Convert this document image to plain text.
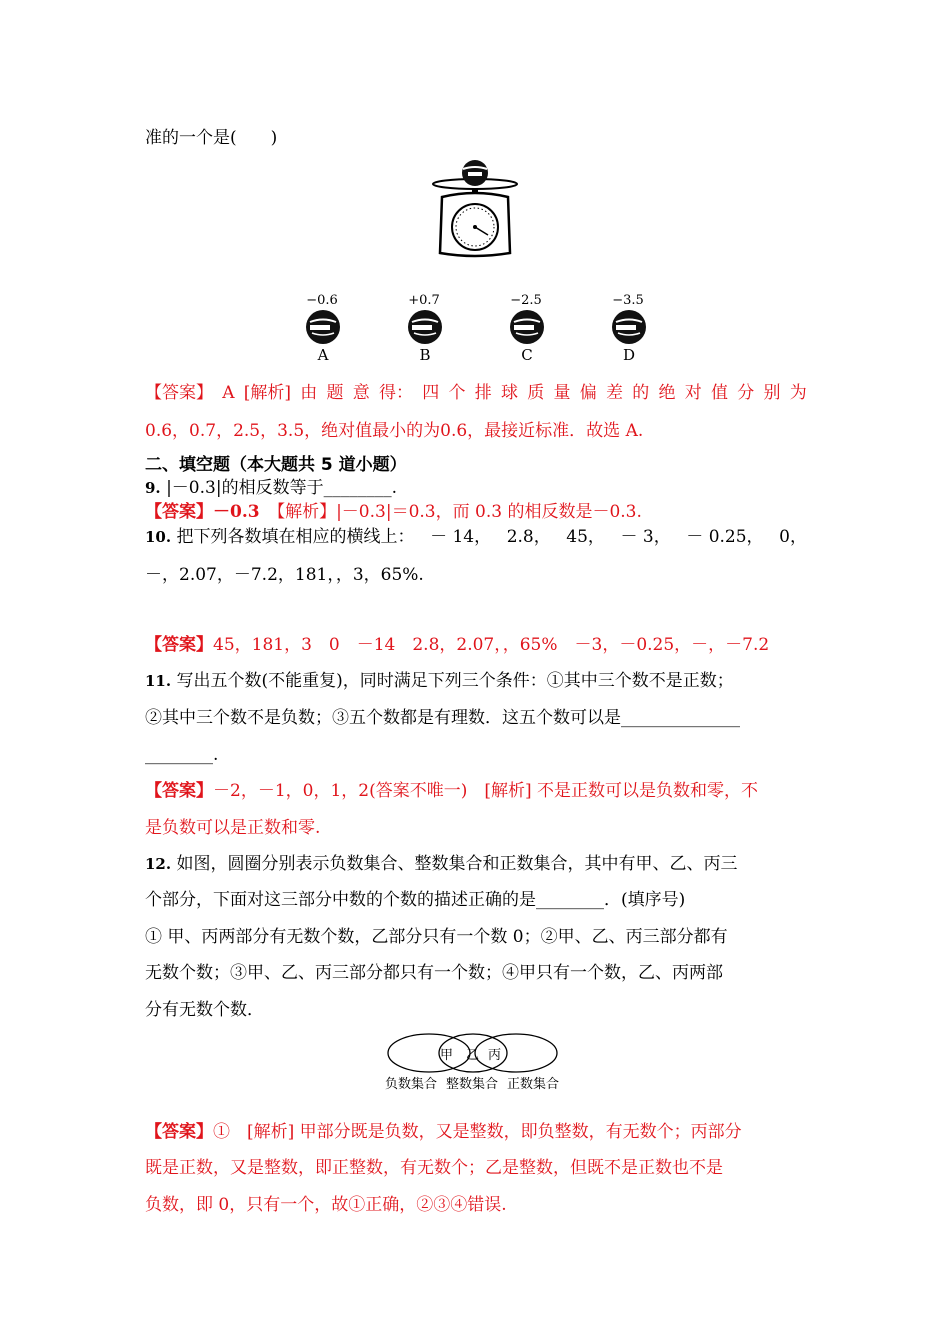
准的一个是(　　)
−0.6	+0.7	−2.5	−3.5
A	B	C	D
【答案】 A [解析] 由 题 意 得： 四 个 排 球 质 量 偏 差 的 绝 对 值 分 别 为
0.6，0.7，2.5，3.5，绝对值最小的为0.6，最接近标准．故选 A.
二、填空题（本大题共 5 道小题）
9. |－0.3|的相反数等于________.
【答案】－0.3　 【解析】|－0.3|＝0.3，而 0.3 的相反数是－0.3.
10. 把下列各数填在相应的横线上： － 14， 2.8， 45， － 3， － 0.25， 0，
－，2.07，－7.2，181，，3，65%.
【答案】45，181，3　0　－14　2.8，2.07，，65%　－3，－0.25，－，－7.2
11. 写出五个数(不能重复)，同时满足下列三个条件：①其中三个数不是正数；
②其中三个数不是负数；③五个数都是有理数．这五个数可以是______________
________.
【答案】－2，－1，0，1，2(答案不唯一)　[解析] 不是正数可以是负数和零，不
是负数可以是正数和零.
12. 如图，圆圈分别表示负数集合、整数集合和正数集合，其中有甲、乙、丙三
个部分，下面对这三部分中数的个数的描述正确的是________．(填序号)
① 甲、丙两部分有无数个数，乙部分只有一个数 0；②甲、乙、丙三部分都有
无数个数；③甲、乙、丙三部分都只有一个数；④甲只有一个数，乙、丙两部
分有无数个数．
甲 乙 丙
负数集合 整数集合 正数集合
【答案】①　[解析] 甲部分既是负数，又是整数，即负整数，有无数个；丙部分
既是正数，又是整数，即正整数，有无数个；乙是整数，但既不是正数也不是
负数，即 0，只有一个，故①正确，②③④错误.
